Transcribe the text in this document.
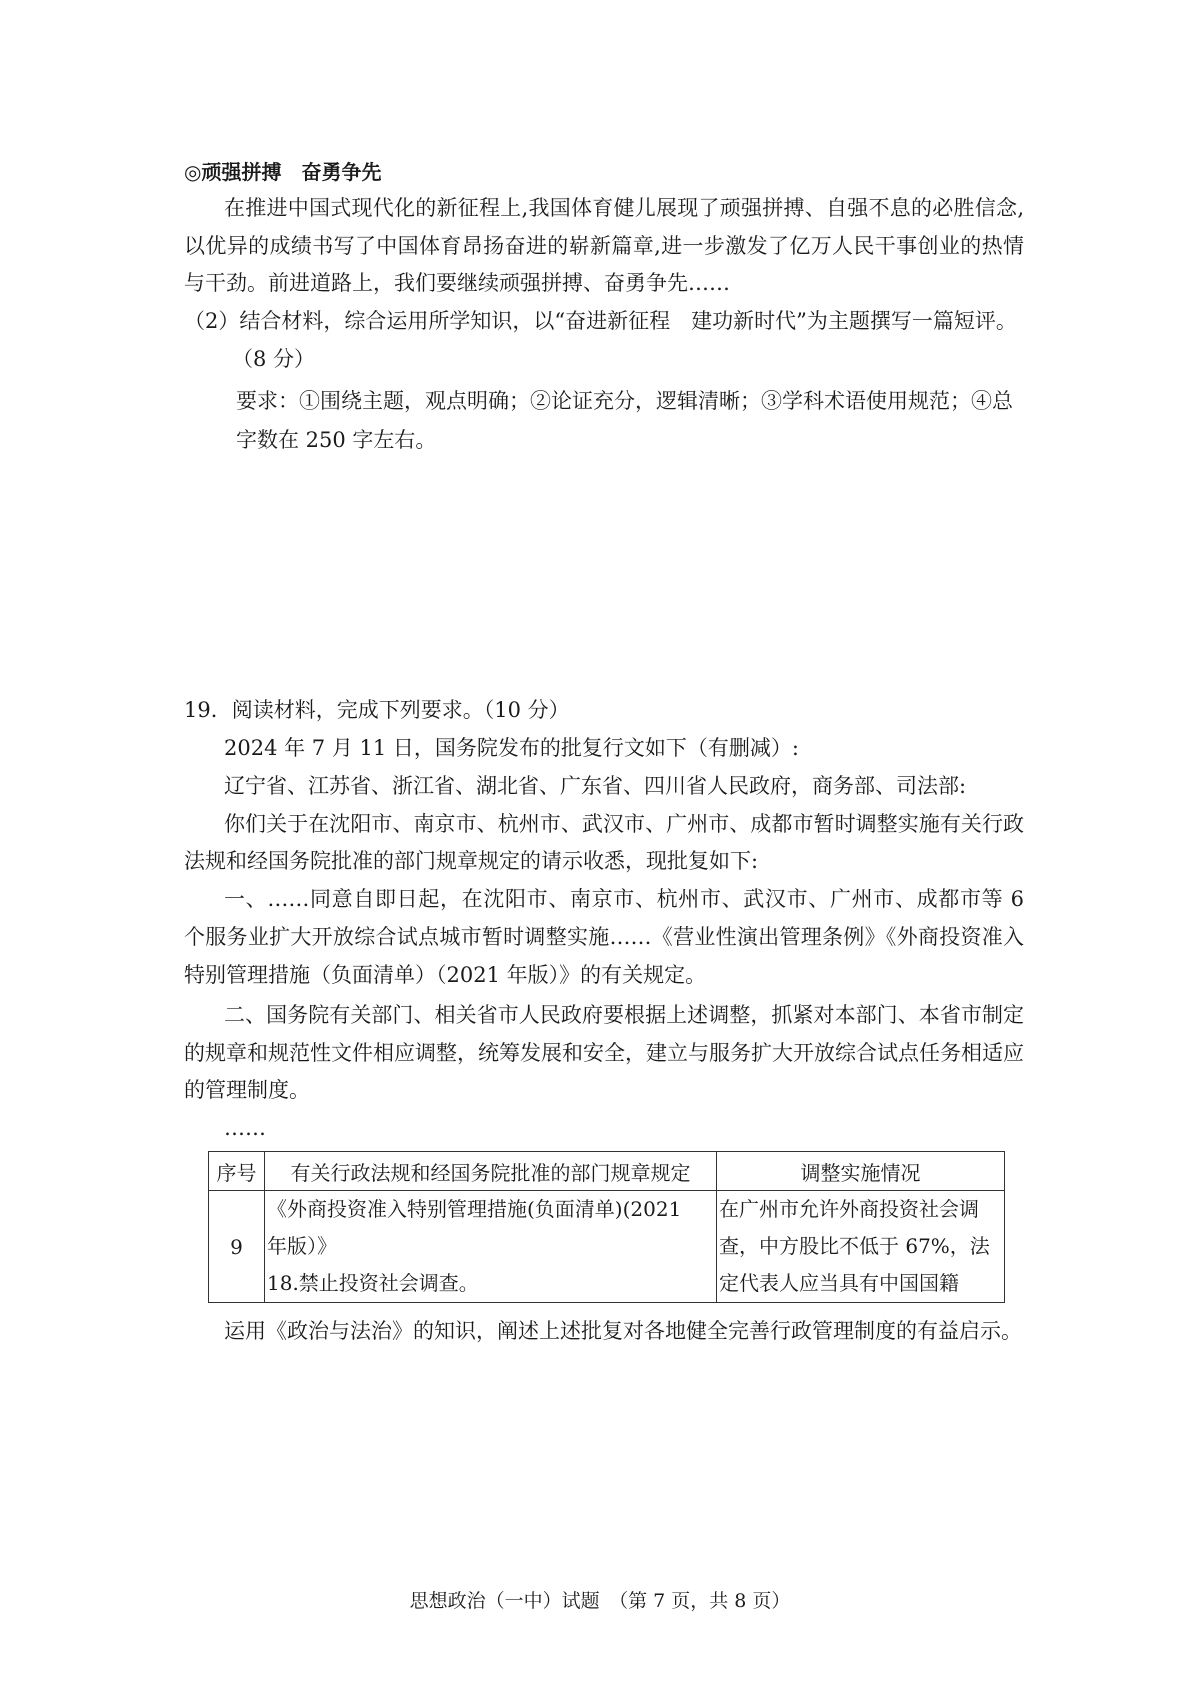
◎顽强拼搏　奋勇争先
在推进中国式现代化的新征程上,我国体育健儿展现了顽强拼搏、自强不息的必胜信念,
以优异的成绩书写了中国体育昂扬奋进的崭新篇章,进一步激发了亿万人民干事创业的热情
与干劲。前进道路上，我们要继续顽强拼搏、奋勇争先……
（2）结合材料，综合运用所学知识，以“奋进新征程　建功新时代”为主题撰写一篇短评。
（8 分）
要求：①围绕主题，观点明确；②论证充分，逻辑清晰；③学科术语使用规范；④总
字数在 250 字左右。
19．阅读材料，完成下列要求。（10 分）
2024 年 7 月 11 日，国务院发布的批复行文如下（有删减）:
辽宁省、江苏省、浙江省、湖北省、广东省、四川省人民政府，商务部、司法部:
你们关于在沈阳市、南京市、杭州市、武汉市、广州市、成都市暂时调整实施有关行政
法规和经国务院批准的部门规章规定的请示收悉，现批复如下:
一、……同意自即日起，在沈阳市、南京市、杭州市、武汉市、广州市、成都市等 6
个服务业扩大开放综合试点城市暂时调整实施……《营业性演出管理条例》《外商投资准入
特别管理措施（负面清单）（2021 年版）》的有关规定。
二、国务院有关部门、相关省市人民政府要根据上述调整，抓紧对本部门、本省市制定
的规章和规范性文件相应调整，统筹发展和安全，建立与服务扩大开放综合试点任务相适应
的管理制度。
……
序号	有关行政法规和经国务院批准的部门规章规定	调整实施情况
9	《外商投资准入特别管理措施(负面清单)(2021
年版）》
18.禁止投资社会调查。	在广州市允许外商投资社会调
查，中方股比不低于 67%，法
定代表人应当具有中国国籍
运用《政治与法治》的知识，阐述上述批复对各地健全完善行政管理制度的有益启示。
思想政治（一中）试题　（第 7 页，共 8 页）
